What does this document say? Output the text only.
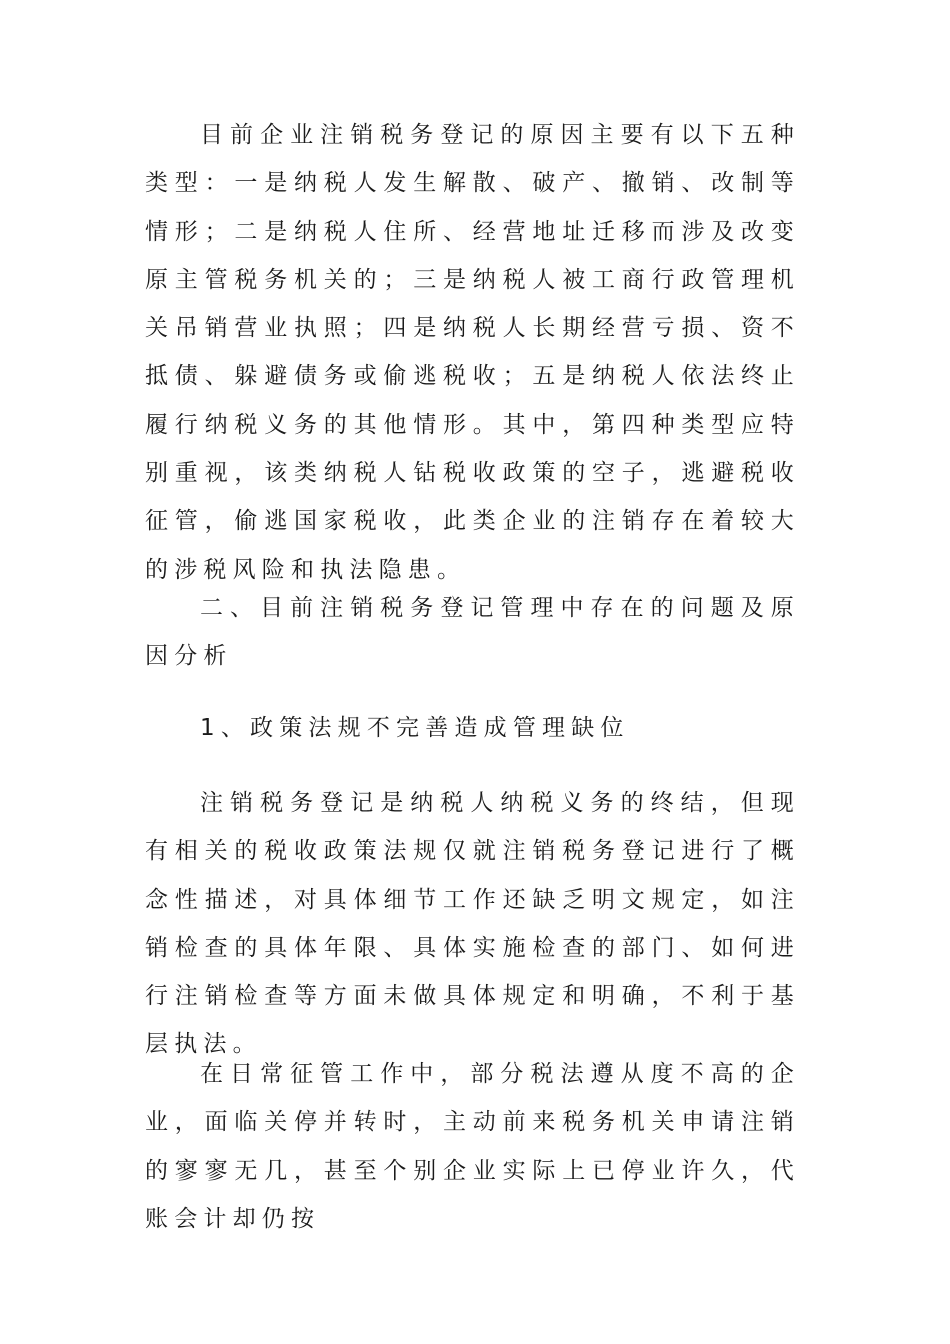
目前企业注销税务登记的原因主要有以下五种类型：一是纳税人发生解散、破产、撤销、改制等情形；二是纳税人住所、经营地址迁移而涉及改变原主管税务机关的；三是纳税人被工商行政管理机关吊销营业执照；四是纳税人长期经营亏损、资不抵债、躲避债务或偷逃税收；五是纳税人依法终止履行纳税义务的其他情形。其中，第四种类型应特别重视，该类纳税人钻税收政策的空子，逃避税收征管，偷逃国家税收，此类企业的注销存在着较大的涉税风险和执法隐患。

二、目前注销税务登记管理中存在的问题及原因分析

1、政策法规不完善造成管理缺位

注销税务登记是纳税人纳税义务的终结，但现有相关的税收政策法规仅就注销税务登记进行了概念性描述，对具体细节工作还缺乏明文规定，如注销检查的具体年限、具体实施检查的部门、如何进行注销检查等方面未做具体规定和明确，不利于基层执法。

在日常征管工作中，部分税法遵从度不高的企业，面临关停并转时，主动前来税务机关申请注销的寥寥无几，甚至个别企业实际上已停业许久，代账会计却仍按
